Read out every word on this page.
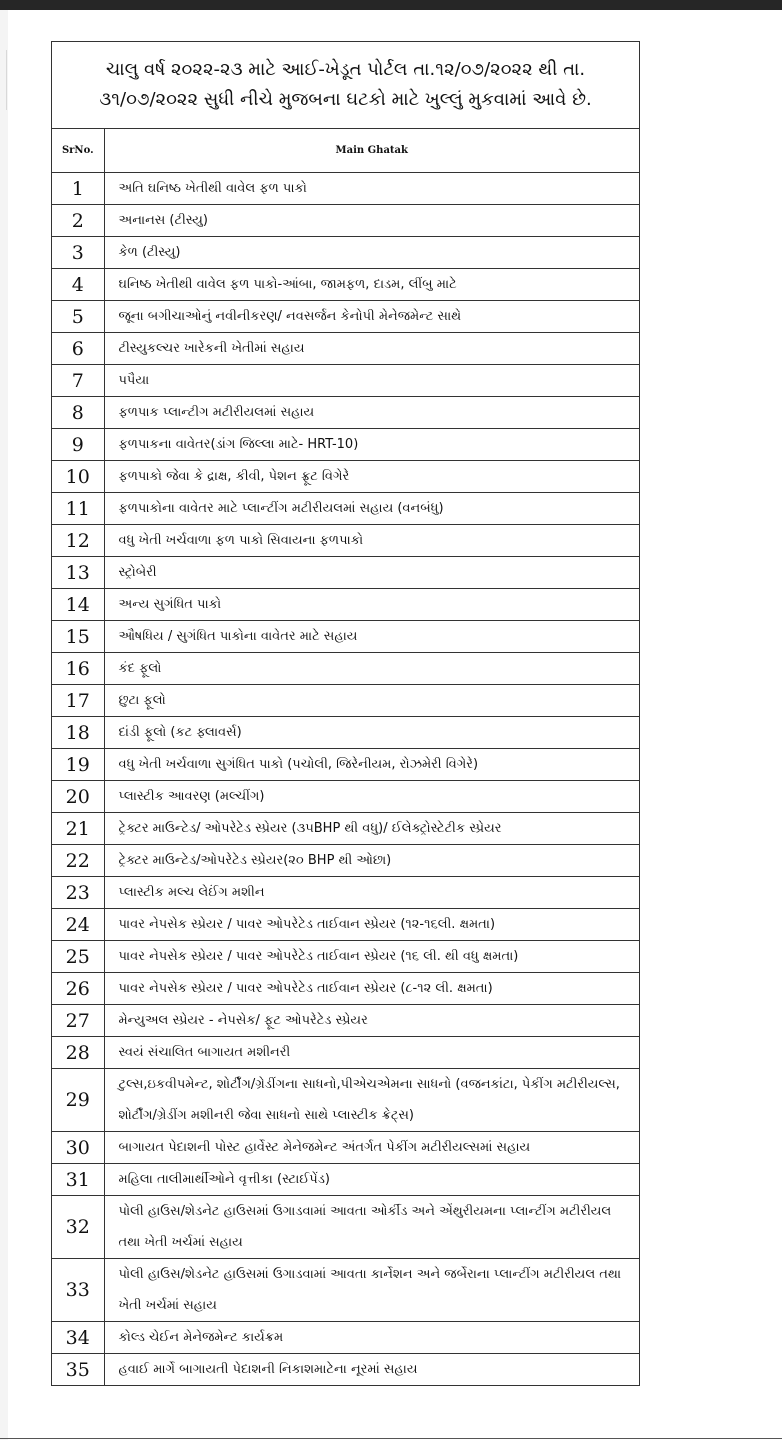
ચાલુ વર્ષ ૨૦૨૨-૨૩ માટે આઈ-ખેડૂત પોર્ટલ તા.૧૨/૦૭/૨૦૨૨ થી તા. ૩૧/૦૭/૨૦૨૨ સુધી નીચે મુજબના ઘટકો માટે ખુલ્લું મુકવામાં આવે છે.
SrNo.	Main Ghatak
1	અતિ ઘનિષ્ઠ ખેતીથી વાવેલ ફળ પાકો
2	અનાનસ (ટીસ્યુ)
3	કેળ (ટીસ્યુ)
4	ઘનિષ્ઠ ખેતીથી વાવેલ ફળ પાકો-આંબા, જામફળ, દાડમ, લીંબુ માટે
5	જૂના બગીચાઓનું નવીનીકરણ/ નવસર્જન કેનોપી મેનેજમેન્ટ સાથે
6	ટીસ્યુકલ્ચર ખારેકની ખેતીમાં સહાય
7	પપૈયા
8	ફળપાક પ્લાન્ટીગ મટીરીયલમાં સહાય
9	ફળપાકના વાવેતર(ડાંગ જિલ્લા માટે- HRT-10)
10	ફળપાકો જેવા કે દ્રાક્ષ, કીવી, પેશન ફ્રૂટ વિગેરે
11	ફળપાકોના વાવેતર માટે પ્લાન્ટીંગ મટીરીયલમાં સહાય (વનબંધુ)
12	વધુ ખેતી ખર્ચવાળા ફળ પાકો સિવાયના ફળપાકો
13	સ્ટ્રોબેરી
14	અન્ય સુગંધિત પાકો
15	ઔષધિય / સુગંધિત પાકોના વાવેતર માટે સહાય
16	કંદ ફૂલો
17	છુટા ફૂલો
18	દાંડી ફૂલો (કટ ફ્લાવર્સ)
19	વધુ ખેતી ખર્ચવાળા સુગંધિત પાકો (પચોલી, જિરેનીયમ, રોઝમેરી વિગેરે)
20	પ્લાસ્ટીક આવરણ (મલ્ચીંગ)
21	ટ્રેક્ટર માઉન્ટેડ/ ઓપરેટેડ સ્પ્રેયર (૩૫BHP થી વધુ)/ ઈલેક્ટ્રોસ્ટેટીક સ્પ્રેયર
22	ટ્રેક્ટર માઉન્ટેડ/ઓપરેટેડ સ્પ્રેયર(૨૦ BHP થી ઓછા)
23	પ્લાસ્ટીક મલ્ચ લેઈંગ મશીન
24	પાવર નેપસેક સ્પ્રેયર / પાવર ઓપરેટેડ તાઈવાન સ્પ્રેયર (૧૨-૧૬લી. ક્ષમતા)
25	પાવર નેપસેક સ્પ્રેયર / પાવર ઓપરેટેડ તાઈવાન સ્પ્રેયર (૧૬ લી. થી વધુ ક્ષમતા)
26	પાવર નેપસેક સ્પ્રેયર / પાવર ઓપરેટેડ તાઈવાન સ્પ્રેયર (૮-૧૨ લી. ક્ષમતા)
27	મેન્યુઅલ સ્પ્રેયર - નેપસેક/ ફૂટ ઓપરેટેડ સ્પ્રેયર
28	સ્વયં સંચાલિત બાગાયત મશીનરી
29	ટુલ્સ,ઇકવીપમેન્ટ, શોર્ટીંગ/ગ્રેડીંગના સાધનો,પીએચએમના સાધનો (વજનકાંટા, પેકીંગ મટીરીયલ્સ, શોર્ટીંગ/ગ્રેડીંગ મશીનરી જેવા સાધનો સાથે પ્લાસ્ટીક ક્રેટ્સ)
30	બાગાયત પેદાશની પોસ્ટ હાર્વેસ્ટ મેનેજમેન્ટ અંતર્ગત પેકીંગ મટીરીયલ્સમાં સહાય
31	મહિલા તાલીમાર્થીઓને વૃત્તીકા (સ્ટાઈપેંડ)
32	પોલી હાઉસ/શેડનેટ હાઉસમાં ઉગાડવામાં આવતા ઓર્કીડ અને એંથુરીયમના પ્લાન્ટીંગ મટીરીયલ તથા ખેતી ખર્ચમાં સહાય
33	પોલી હાઉસ/શેડનેટ હાઉસમાં ઉગાડવામાં આવતા કાર્નેશન અને જર્બેરાના પ્લાન્ટીંગ મટીરીયલ તથા ખેતી ખર્ચમાં સહાય
34	કોલ્ડ ચેઈન મેનેજમેન્ટ કાર્યક્રમ
35	હવાઈ માર્ગે બાગાયતી પેદાશની નિકાશમાટેના નૂરમાં સહાય
